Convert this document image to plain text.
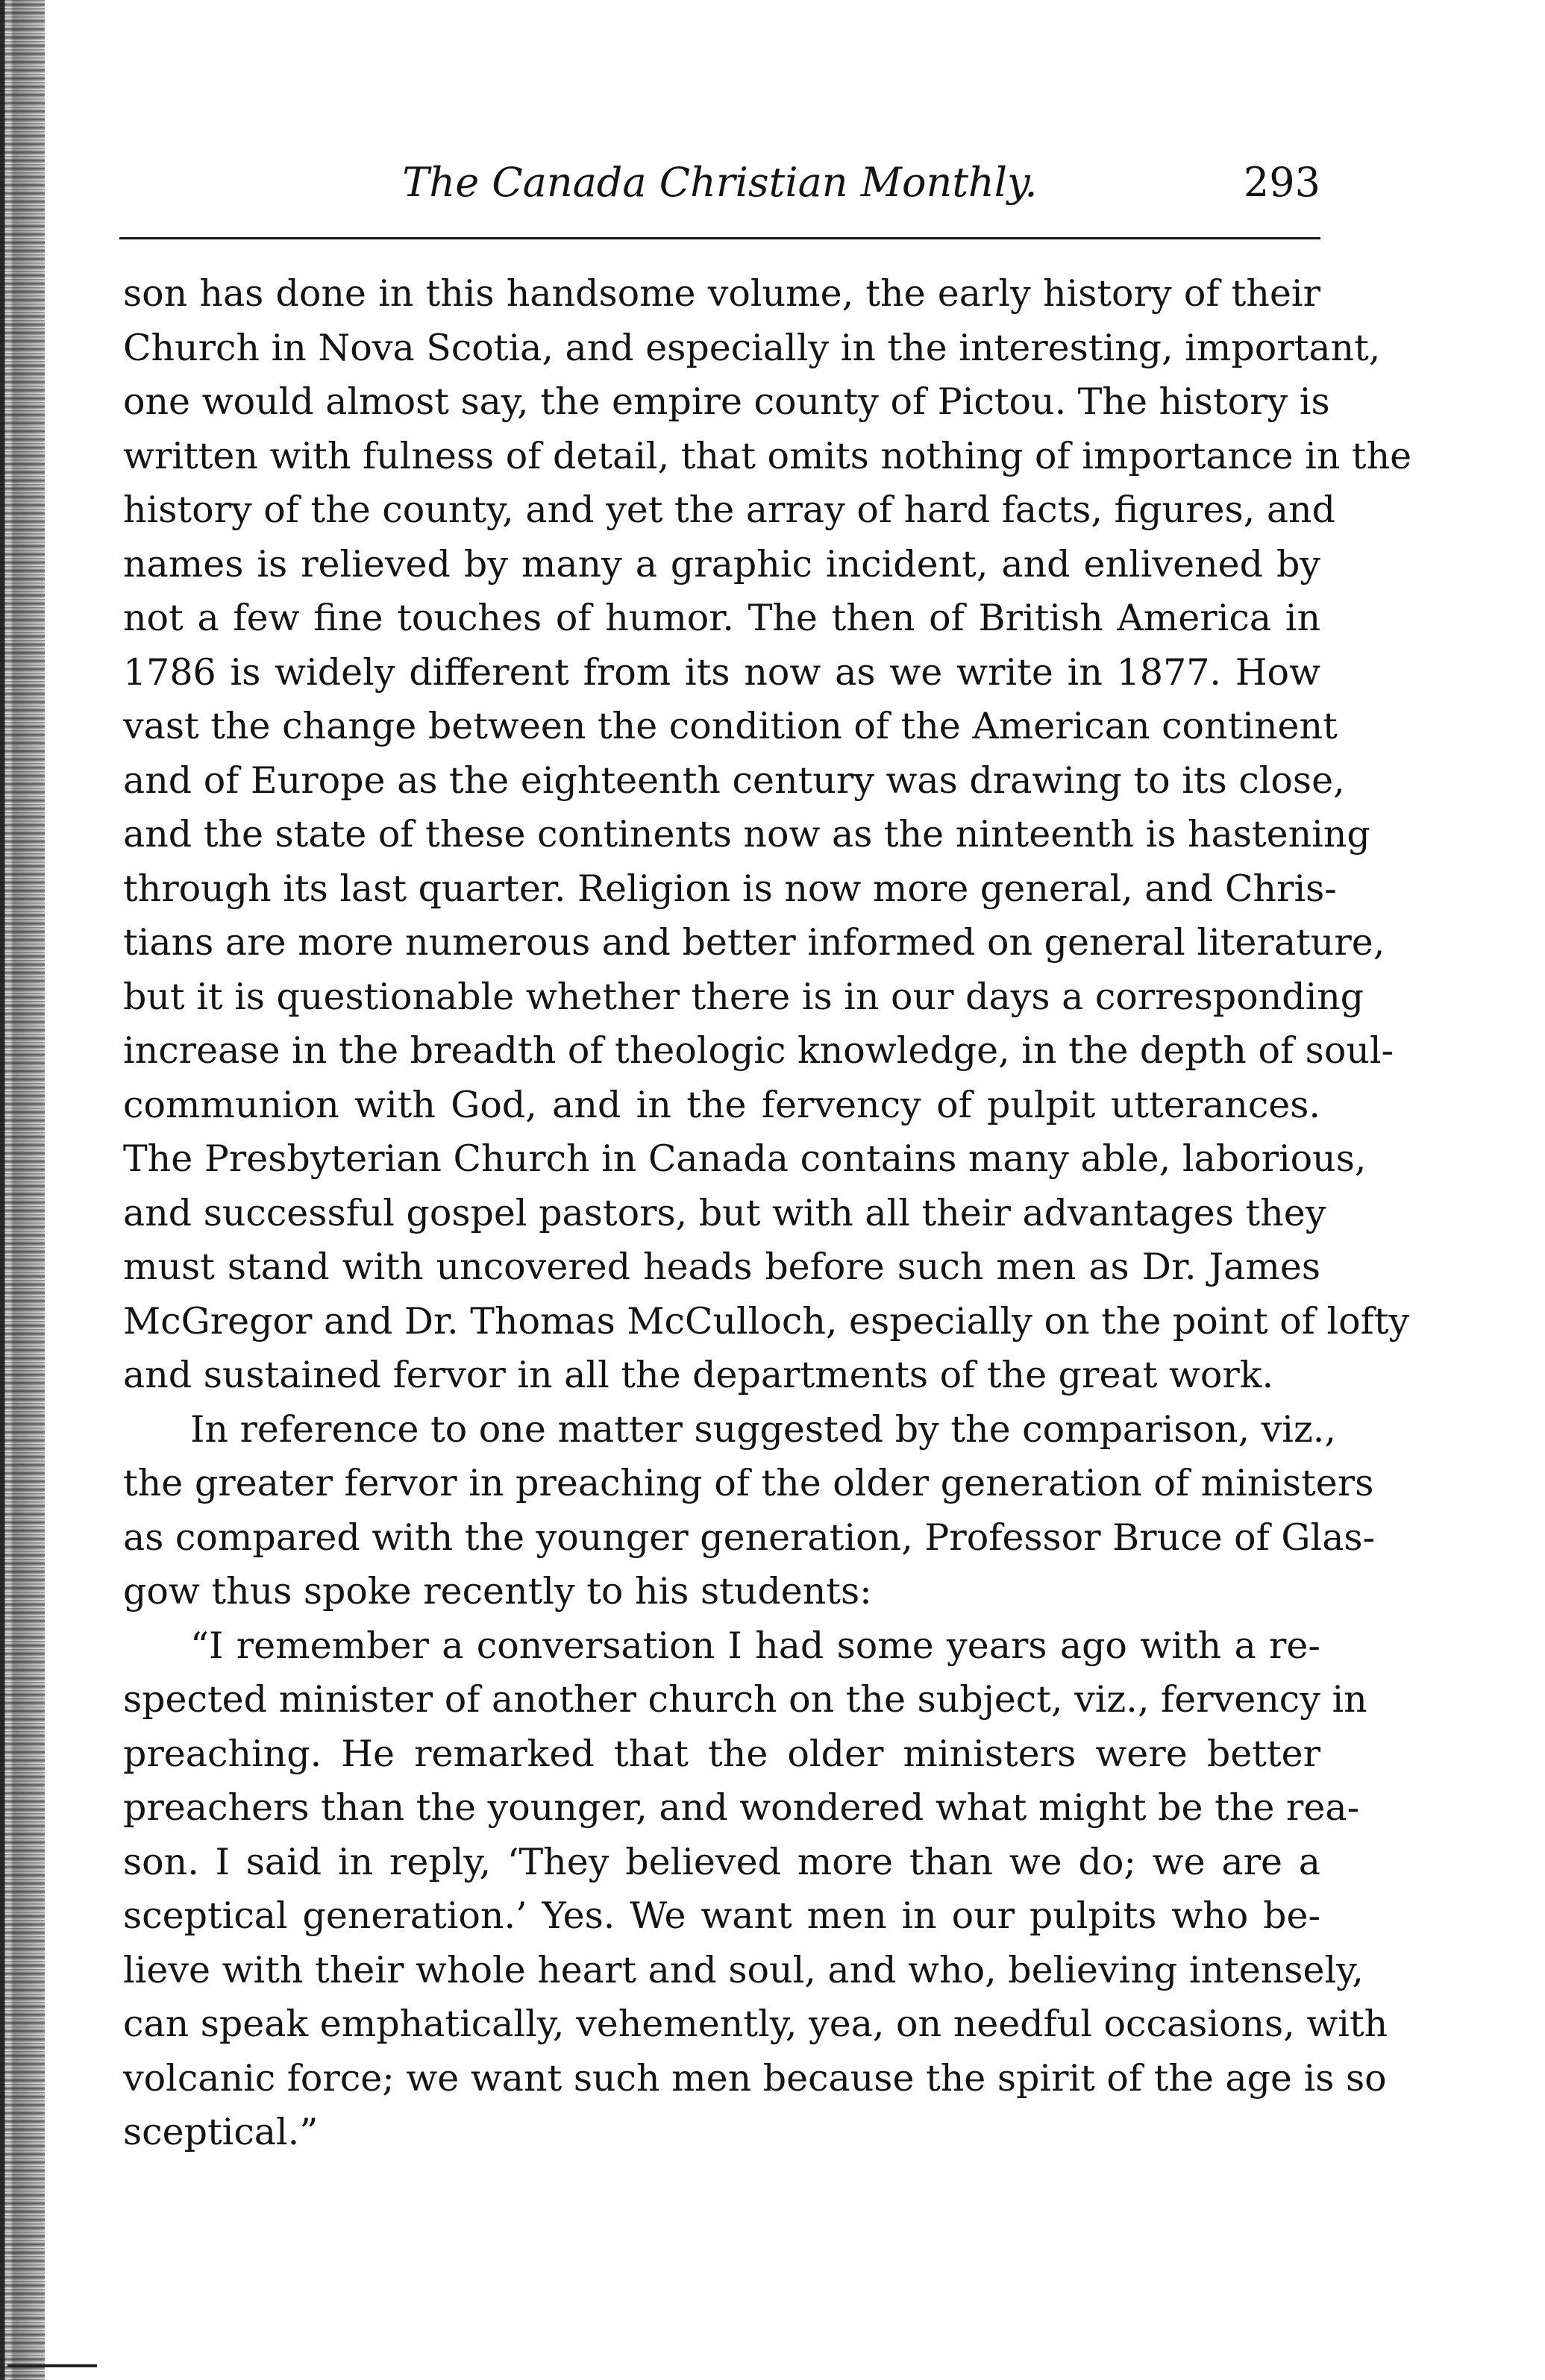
The Canada Christian Monthly.	293
son has done in this handsome volume, the early history of their
Church in Nova Scotia, and especially in the interesting, important,
one would almost say, the empire county of Pictou. The history is
written with fulness of detail, that omits nothing of importance in the
history of the county, and yet the array of hard facts, figures, and
names is relieved by many a graphic incident, and enlivened by
not a few fine touches of humor. The then of British America in
1786 is widely different from its now as we write in 1877. How
vast the change between the condition of the American continent
and of Europe as the eighteenth century was drawing to its close,
and the state of these continents now as the ninteenth is hastening
through its last quarter. Religion is now more general, and Chris-
tians are more numerous and better informed on general literature,
but it is questionable whether there is in our days a corresponding
increase in the breadth of theologic knowledge, in the depth of soul-
communion with God, and in the fervency of pulpit utterances.
The Presbyterian Church in Canada contains many able, laborious,
and successful gospel pastors, but with all their advantages they
must stand with uncovered heads before such men as Dr. James
McGregor and Dr. Thomas McCulloch, especially on the point of lofty
and sustained fervor in all the departments of the great work.
In reference to one matter suggested by the comparison, viz.,
the greater fervor in preaching of the older generation of ministers
as compared with the younger generation, Professor Bruce of Glas-
gow thus spoke recently to his students:
“I remember a conversation I had some years ago with a re-
spected minister of another church on the subject, viz., fervency in
preaching. He remarked that the older ministers were better
preachers than the younger, and wondered what might be the rea-
son. I said in reply, ‘They believed more than we do; we are a
sceptical generation.’ Yes. We want men in our pulpits who be-
lieve with their whole heart and soul, and who, believing intensely,
can speak emphatically, vehemently, yea, on needful occasions, with
volcanic force; we want such men because the spirit of the age is so
sceptical.”
